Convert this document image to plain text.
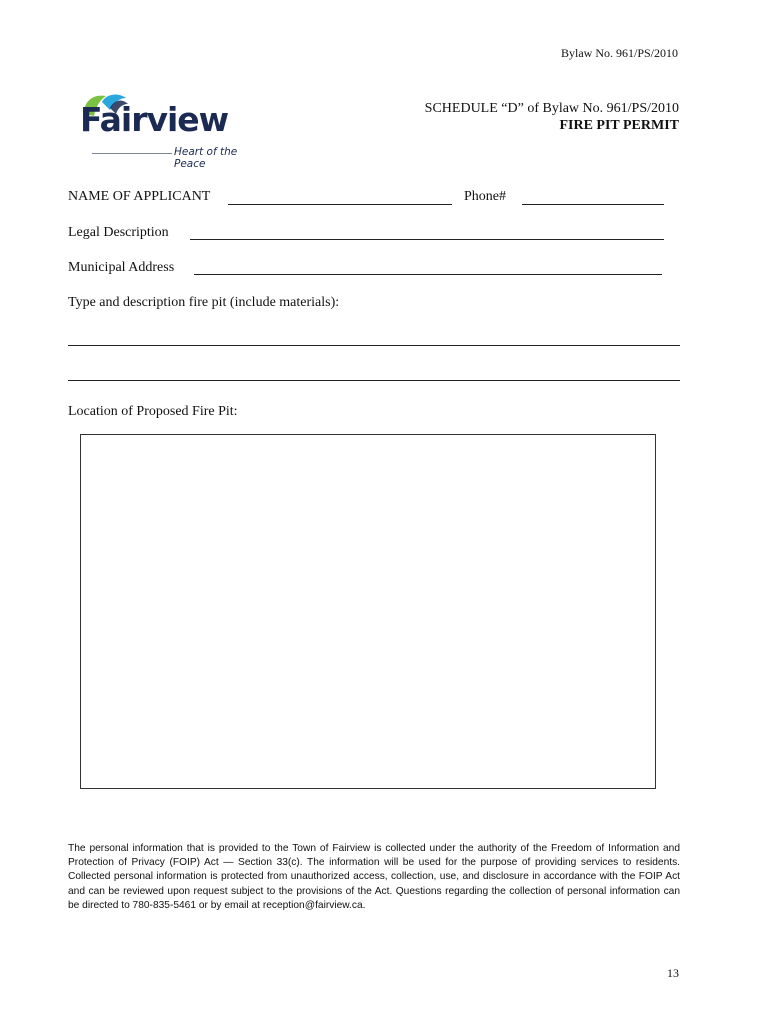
Bylaw No. 961/PS/2010
Fairview
Heart of the Peace
SCHEDULE “D” of Bylaw No. 961/PS/2010
FIRE PIT PERMIT
NAME OF APPLICANT	Phone#
Legal Description
Municipal Address
Type and description fire pit (include materials):
Location of Proposed Fire Pit:
The personal information that is provided to the Town of Fairview is collected under the authority of the Freedom of Information and Protection of Privacy (FOIP) Act — Section 33(c). The information will be used for the purpose of providing services to residents. Collected personal information is protected from unauthorized access, collection, use, and disclosure in accordance with the FOIP Act and can be reviewed upon request subject to the provisions of the Act. Questions regarding the collection of personal information can be directed to 780-835-5461 or by email at reception@fairview.ca.
13
